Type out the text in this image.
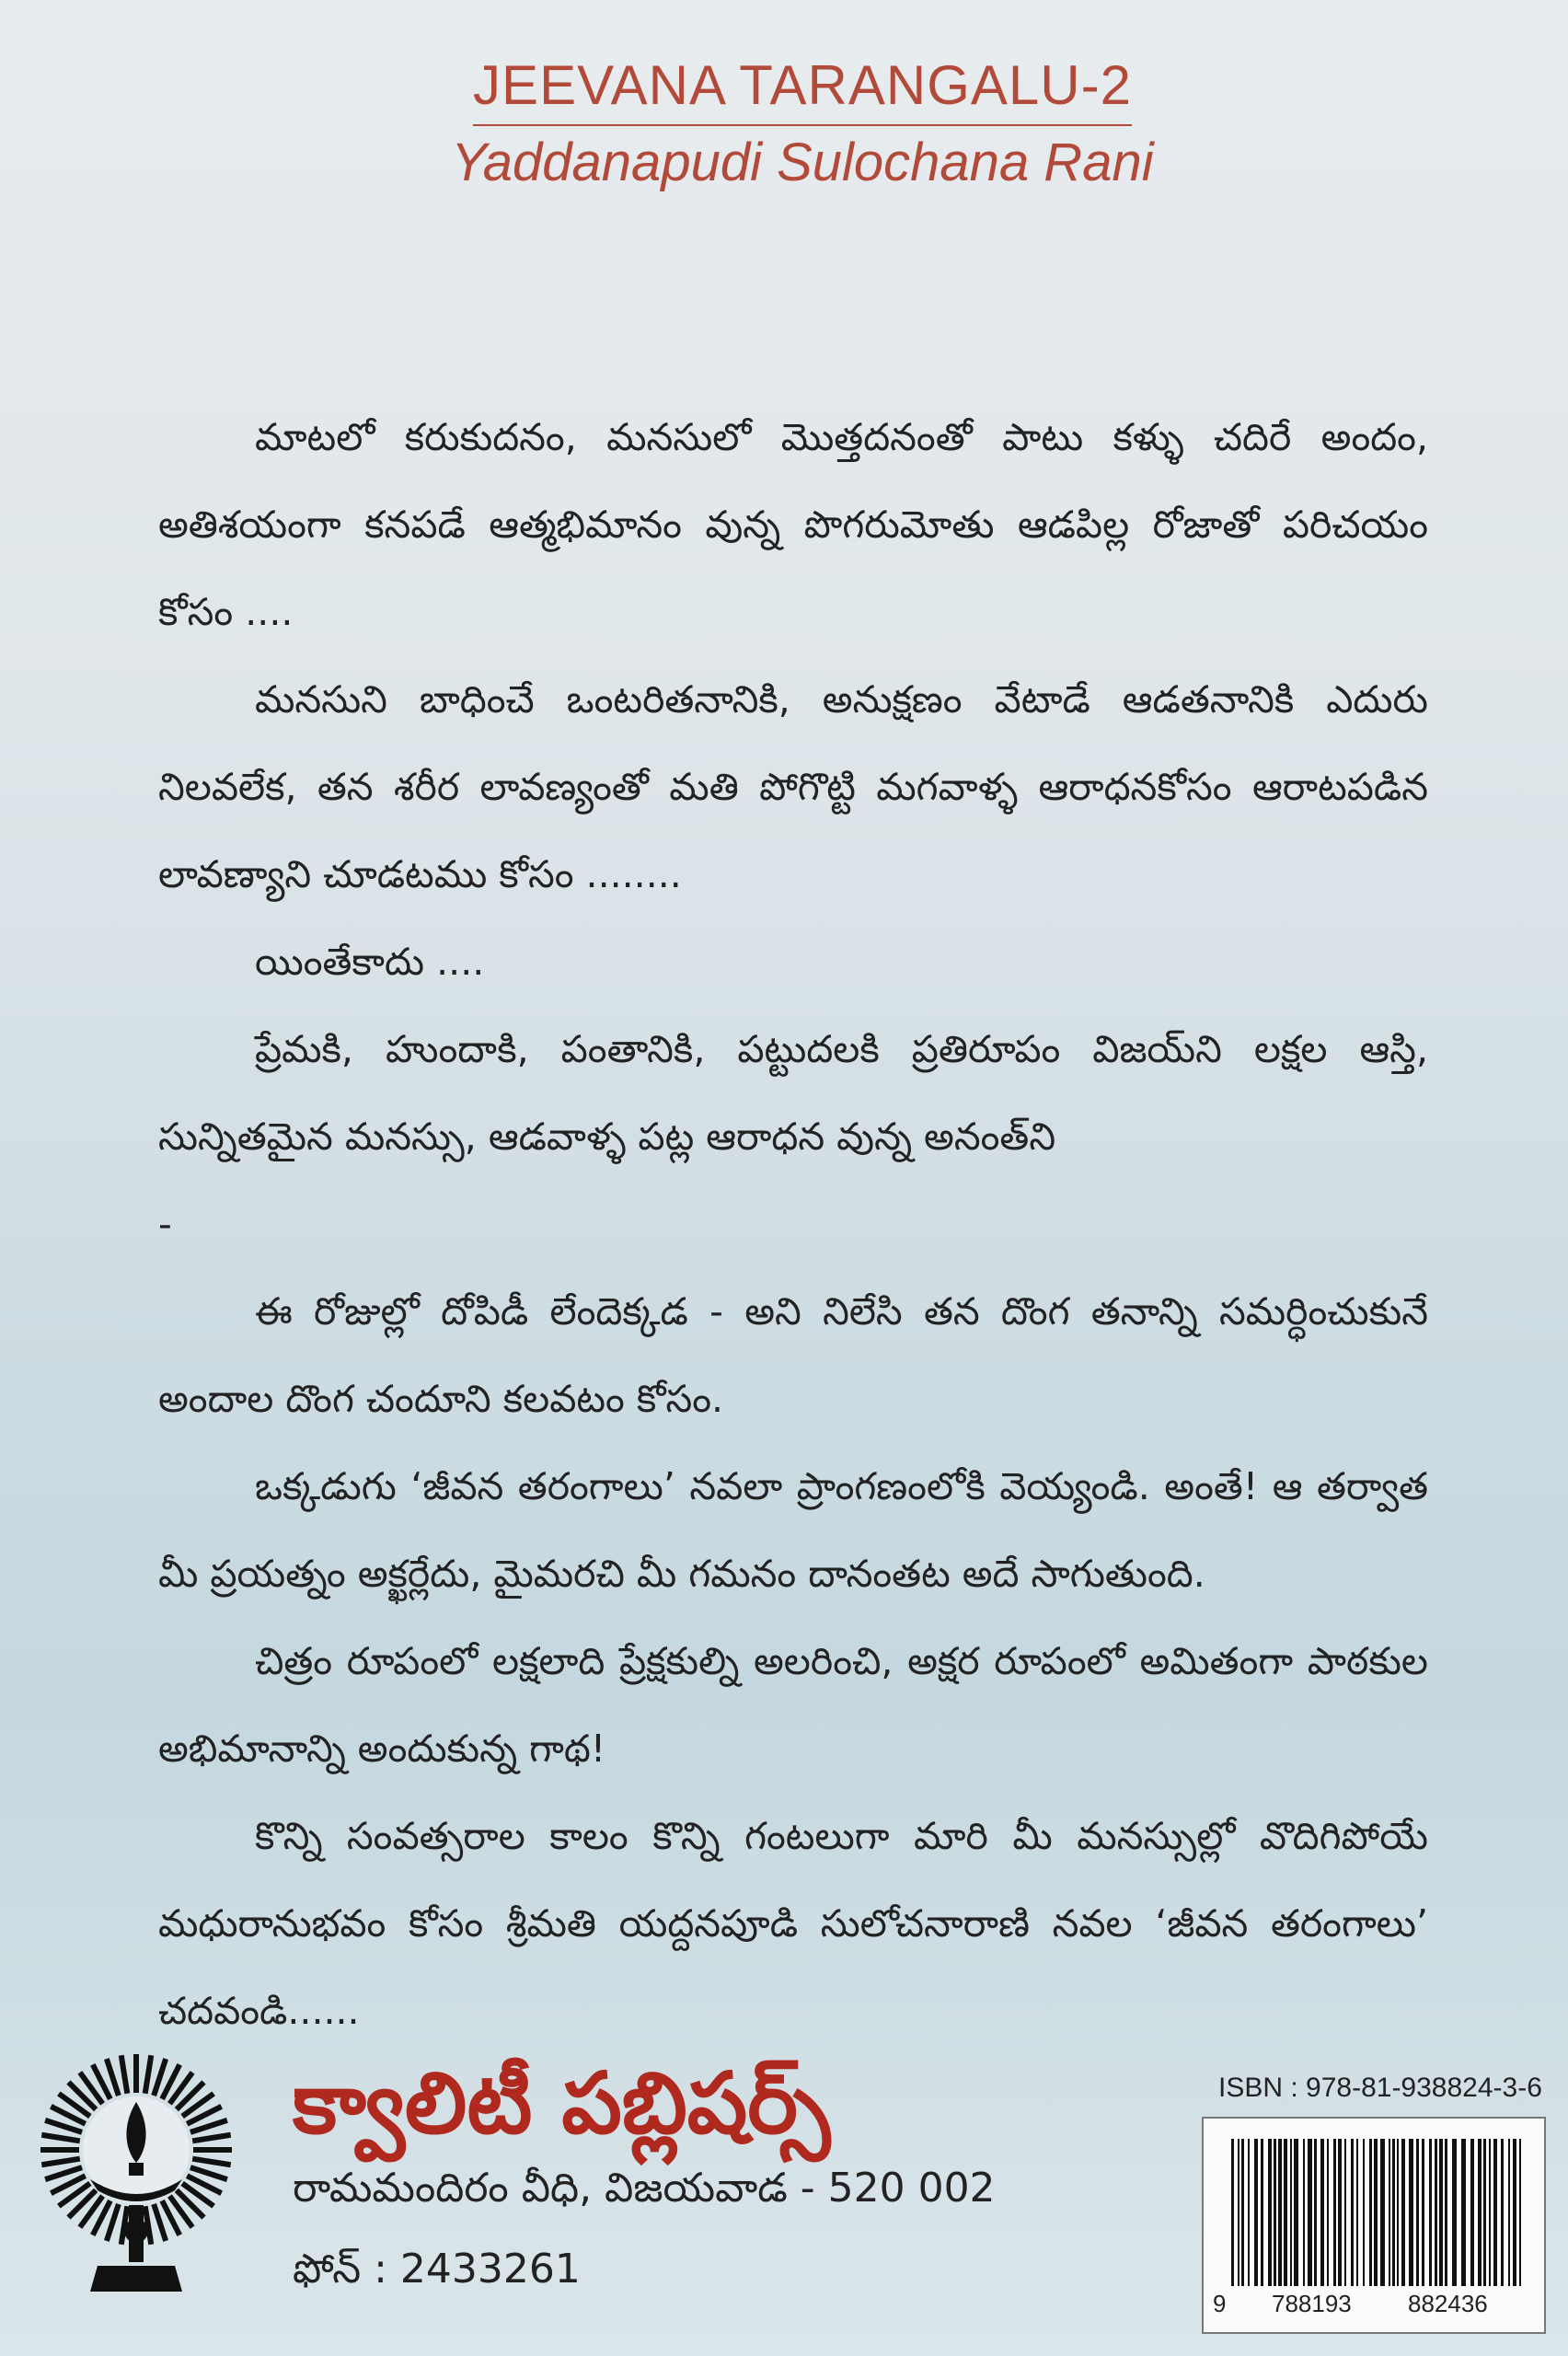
JEEVANA TARANGALU-2
Yaddanapudi Sulochana Rani

మాటలో కరుకుదనం, మనసులో మొత్తదనంతో పాటు కళ్ళు చదిరే అందం, అతిశయంగా కనపడే ఆత్మభిమానం వున్న పొగరుమోతు ఆడపిల్ల రోజాతో పరిచయం కోసం ....

మనసుని బాధించే ఒంటరితనానికి, అనుక్షణం వేటాడే ఆడతనానికి ఎదురు నిలవలేక, తన శరీర లావణ్యంతో మతి పోగొట్టి మగవాళ్ళ ఆరాధనకోసం ఆరాటపడిన లావణ్యాని చూడటము కోసం ........

యింతేకాదు ....

ప్రేమకి, హుందాకి, పంతానికి, పట్టుదలకి ప్రతిరూపం విజయ్‌ని లక్షల ఆస్తి, సున్నితమైన మనస్సు, ఆడవాళ్ళ పట్ల ఆరాధన వున్న అనంత్‌ని

-

ఈ రోజుల్లో దోపిడీ లేందెక్కడ - అని నిలేసి తన దొంగ తనాన్ని సమర్ధించుకునే అందాల దొంగ చందూని కలవటం కోసం.

ఒక్కడుగు ‘జీవన తరంగాలు’ నవలా ప్రాంగణంలోకి వెయ్యండి. అంతే! ఆ తర్వాత మీ ప్రయత్నం అక్ఖర్లేదు, మైమరచి మీ గమనం దానంతట అదే సాగుతుంది.

చిత్రం రూపంలో లక్షలాది ప్రేక్షకుల్ని అలరించి, అక్షర రూపంలో అమితంగా పాఠకుల అభిమానాన్ని అందుకున్న గాథ!

కొన్ని సంవత్సరాల కాలం కొన్ని గంటలుగా మారి మీ మనస్సుల్లో వొదిగిపోయే మధురానుభవం కోసం శ్రీమతి యద్దనపూడి సులోచనారాణి నవల ‘జీవన తరంగాలు’ చదవండి......

క్వాలిటీ పబ్లిషర్స్
రామమందిరం వీధి, విజయవాడ - 520 002
ఫోన్ : 2433261
ISBN : 978-81-938824-3-6
9 788193 882436
